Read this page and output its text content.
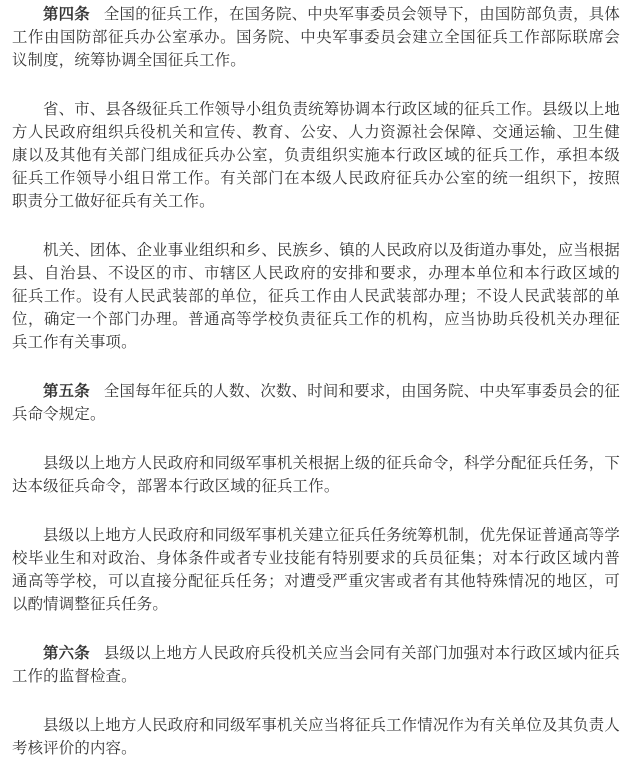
第四条 全国的征兵工作，在国务院、中央军事委员会领导下，由国防部负责，具体工作由国防部征兵办公室承办。国务院、中央军事委员会建立全国征兵工作部际联席会议制度，统筹协调全国征兵工作。

省、市、县各级征兵工作领导小组负责统筹协调本行政区域的征兵工作。县级以上地方人民政府组织兵役机关和宣传、教育、公安、人力资源社会保障、交通运输、卫生健康以及其他有关部门组成征兵办公室，负责组织实施本行政区域的征兵工作，承担本级征兵工作领导小组日常工作。有关部门在本级人民政府征兵办公室的统一组织下，按照职责分工做好征兵有关工作。

机关、团体、企业事业组织和乡、民族乡、镇的人民政府以及街道办事处，应当根据县、自治县、不设区的市、市辖区人民政府的安排和要求，办理本单位和本行政区域的征兵工作。设有人民武装部的单位，征兵工作由人民武装部办理；不设人民武装部的单位，确定一个部门办理。普通高等学校负责征兵工作的机构，应当协助兵役机关办理征兵工作有关事项。

第五条 全国每年征兵的人数、次数、时间和要求，由国务院、中央军事委员会的征兵命令规定。

县级以上地方人民政府和同级军事机关根据上级的征兵命令，科学分配征兵任务，下达本级征兵命令，部署本行政区域的征兵工作。

县级以上地方人民政府和同级军事机关建立征兵任务统筹机制，优先保证普通高等学校毕业生和对政治、身体条件或者专业技能有特别要求的兵员征集；对本行政区域内普通高等学校，可以直接分配征兵任务；对遭受严重灾害或者有其他特殊情况的地区，可以酌情调整征兵任务。

第六条 县级以上地方人民政府兵役机关应当会同有关部门加强对本行政区域内征兵工作的监督检查。

县级以上地方人民政府和同级军事机关应当将征兵工作情况作为有关单位及其负责人考核评价的内容。
